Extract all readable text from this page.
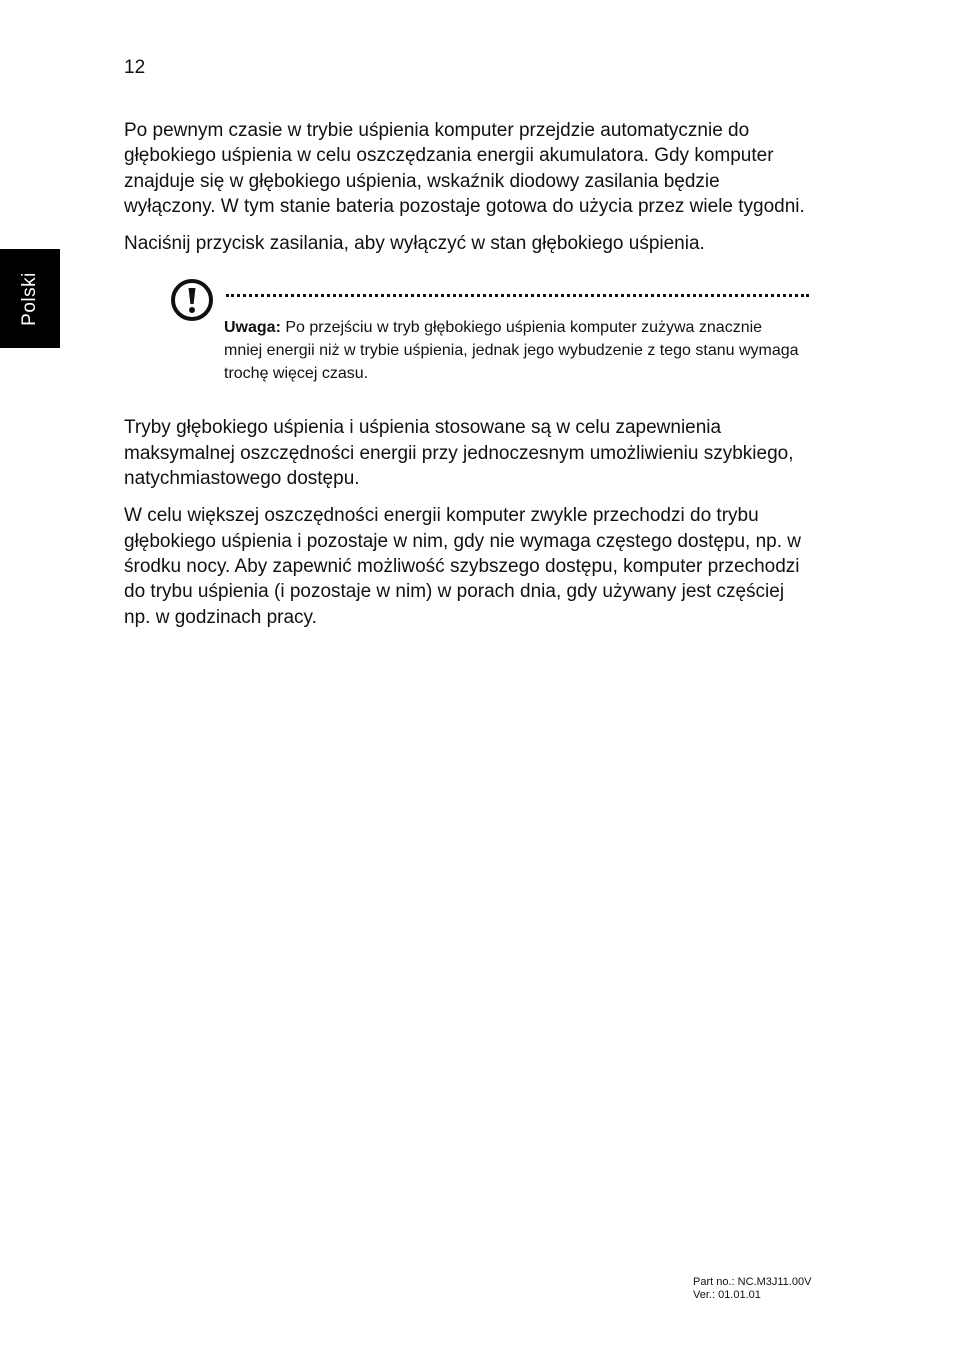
12
Polski

Po pewnym czasie w trybie uśpienia komputer przejdzie automatycznie do głębokiego uśpienia w celu oszczędzania energii akumulatora. Gdy komputer znajduje się w głębokiego uśpienia, wskaźnik diodowy zasilania będzie wyłączony. W tym stanie bateria pozostaje gotowa do użycia przez wiele tygodni.

Naciśnij przycisk zasilania, aby wyłączyć w stan głębokiego uśpienia.

Uwaga: Po przejściu w tryb głębokiego uśpienia komputer zużywa znacznie mniej energii niż w trybie uśpienia, jednak jego wybudzenie z tego stanu wymaga trochę więcej czasu.

Tryby głębokiego uśpienia i uśpienia stosowane są w celu zapewnienia maksymalnej oszczędności energii przy jednoczesnym umożliwieniu szybkiego, natychmiastowego dostępu.

W celu większej oszczędności energii komputer zwykle przechodzi do trybu głębokiego uśpienia i pozostaje w nim, gdy nie wymaga częstego dostępu, np. w środku nocy. Aby zapewnić możliwość szybszego dostępu, komputer przechodzi do trybu uśpienia (i pozostaje w nim) w porach dnia, gdy używany jest częściej np. w godzinach pracy.

Part no.: NC.M3J11.00V
Ver.: 01.01.01
